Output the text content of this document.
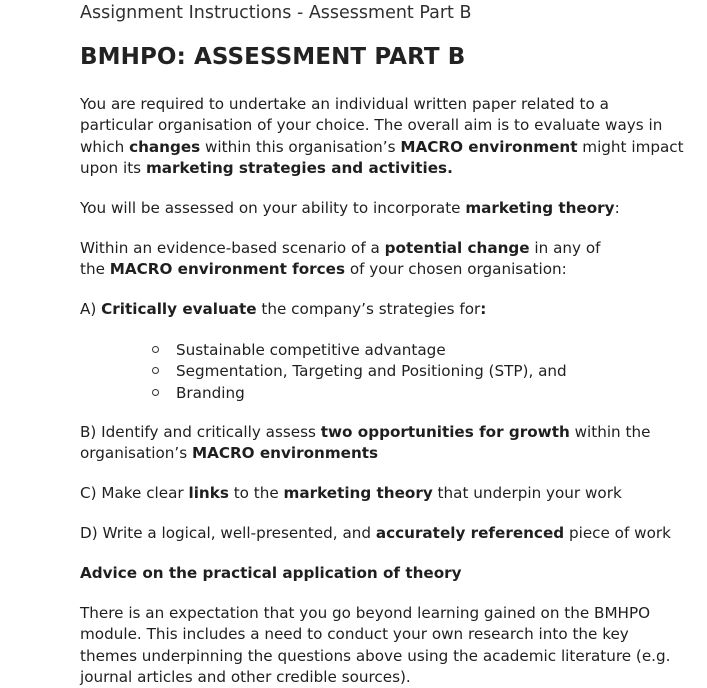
Assignment Instructions - Assessment Part B
BMHPO: ASSESSMENT PART B
You are required to undertake an individual written paper related to a
particular organisation of your choice. The overall aim is to evaluate ways in
which changes within this organisation’s MACRO environment might impact
upon its marketing strategies and activities.
You will be assessed on your ability to incorporate marketing theory:
Within an evidence-based scenario of a potential change in any of
the MACRO environment forces of your chosen organisation:
A) Critically evaluate the company’s strategies for:
Sustainable competitive advantage
Segmentation, Targeting and Positioning (STP), and
Branding
B) Identify and critically assess two opportunities for growth within the
organisation’s MACRO environments
C) Make clear links to the marketing theory that underpin your work
D) Write a logical, well-presented, and accurately referenced piece of work
Advice on the practical application of theory
There is an expectation that you go beyond learning gained on the BMHPO
module. This includes a need to conduct your own research into the key
themes underpinning the questions above using the academic literature (e.g.
journal articles and other credible sources).
